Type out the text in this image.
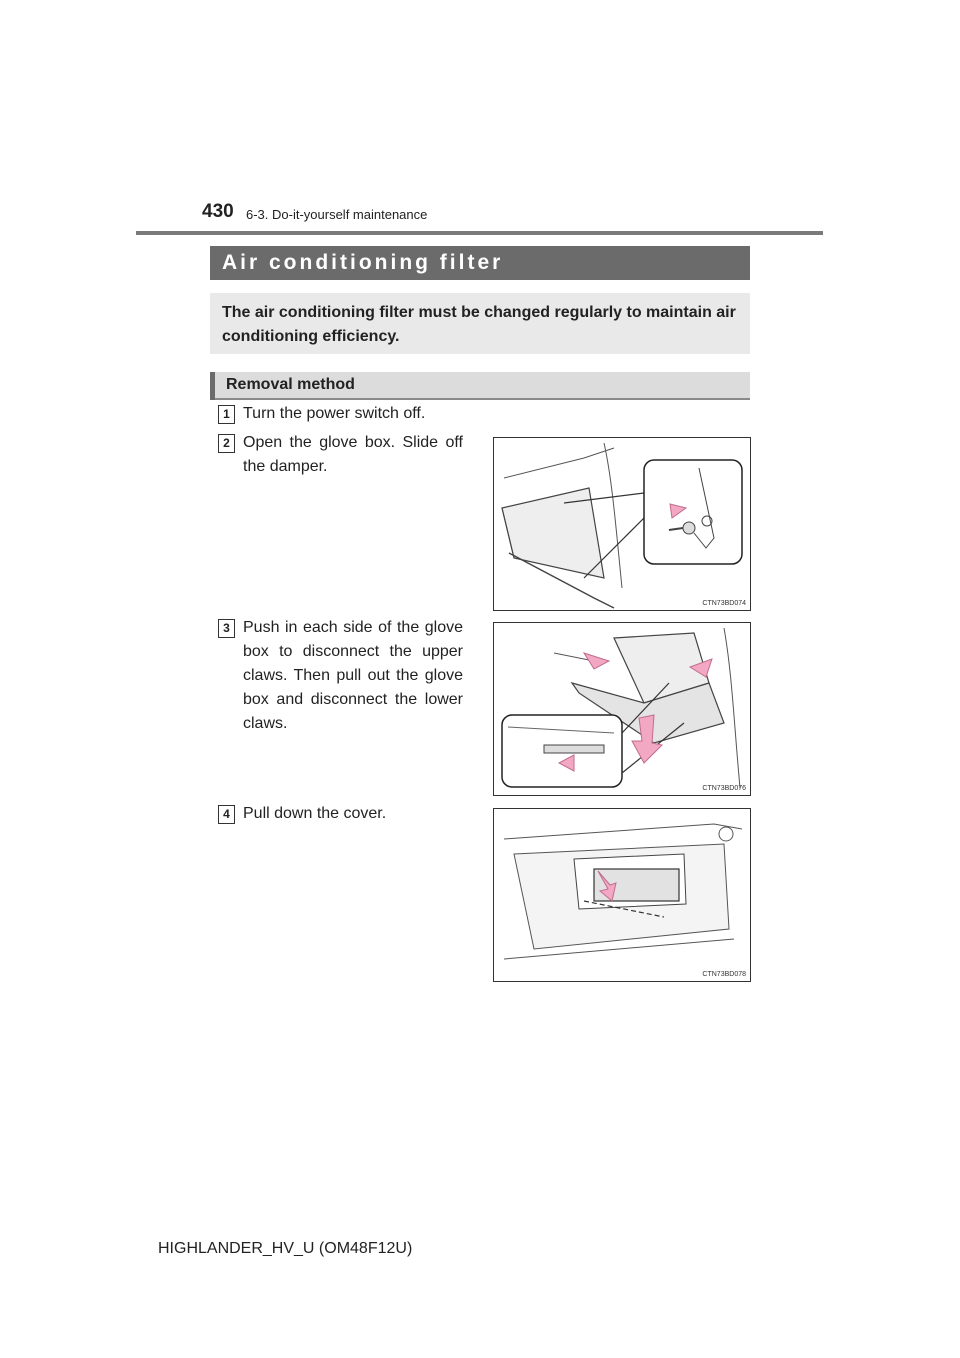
430 6-3. Do-it-yourself maintenance
Air conditioning filter

The air conditioning filter must be changed regularly to maintain air conditioning efficiency.

Removal method
1 Turn the power switch off.
2 Open the glove box. Slide off the damper.
CTN73BD074
3 Push in each side of the glove box to disconnect the upper claws. Then pull out the glove box and disconnect the lower claws.
CTN73BD076
4 Pull down the cover.
CTN73BD078
HIGHLANDER_HV_U (OM48F12U)
